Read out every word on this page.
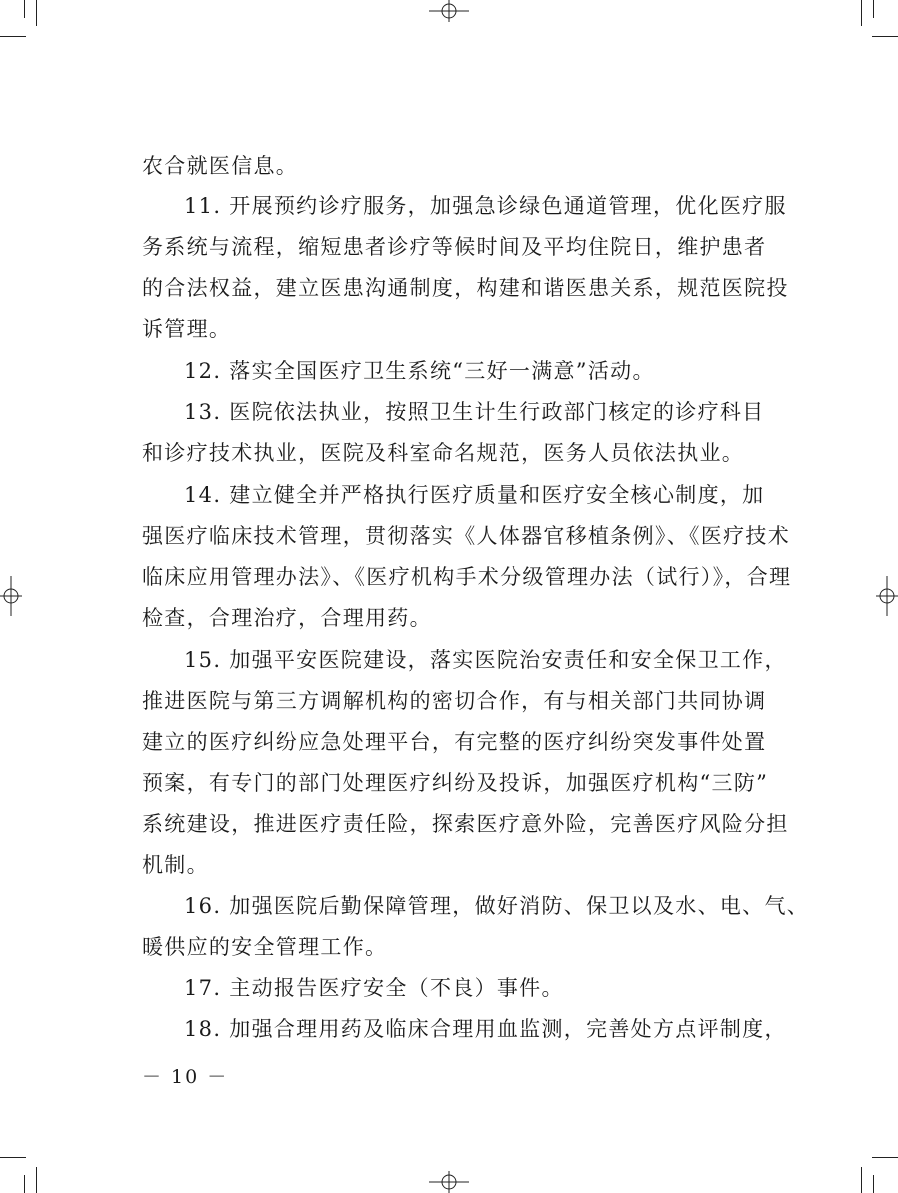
农合就医信息。
11. 开展预约诊疗服务，加强急诊绿色通道管理，优化医疗服
务系统与流程，缩短患者诊疗等候时间及平均住院日，维护患者
的合法权益，建立医患沟通制度，构建和谐医患关系，规范医院投
诉管理。
12. 落实全国医疗卫生系统“三好一满意”活动。
13. 医院依法执业，按照卫生计生行政部门核定的诊疗科目
和诊疗技术执业，医院及科室命名规范，医务人员依法执业。
14. 建立健全并严格执行医疗质量和医疗安全核心制度，加
强医疗临床技术管理，贯彻落实《人体器官移植条例》、《医疗技术
临床应用管理办法》、《医疗机构手术分级管理办法（试行）》，合理
检查，合理治疗，合理用药。
15. 加强平安医院建设，落实医院治安责任和安全保卫工作，
推进医院与第三方调解机构的密切合作，有与相关部门共同协调
建立的医疗纠纷应急处理平台，有完整的医疗纠纷突发事件处置
预案，有专门的部门处理医疗纠纷及投诉，加强医疗机构“三防”
系统建设，推进医疗责任险，探索医疗意外险，完善医疗风险分担
机制。
16. 加强医院后勤保障管理，做好消防、保卫以及水、电、气、
暖供应的安全管理工作。
17. 主动报告医疗安全（不良）事件。
18. 加强合理用药及临床合理用血监测，完善处方点评制度，
－ 10 －
